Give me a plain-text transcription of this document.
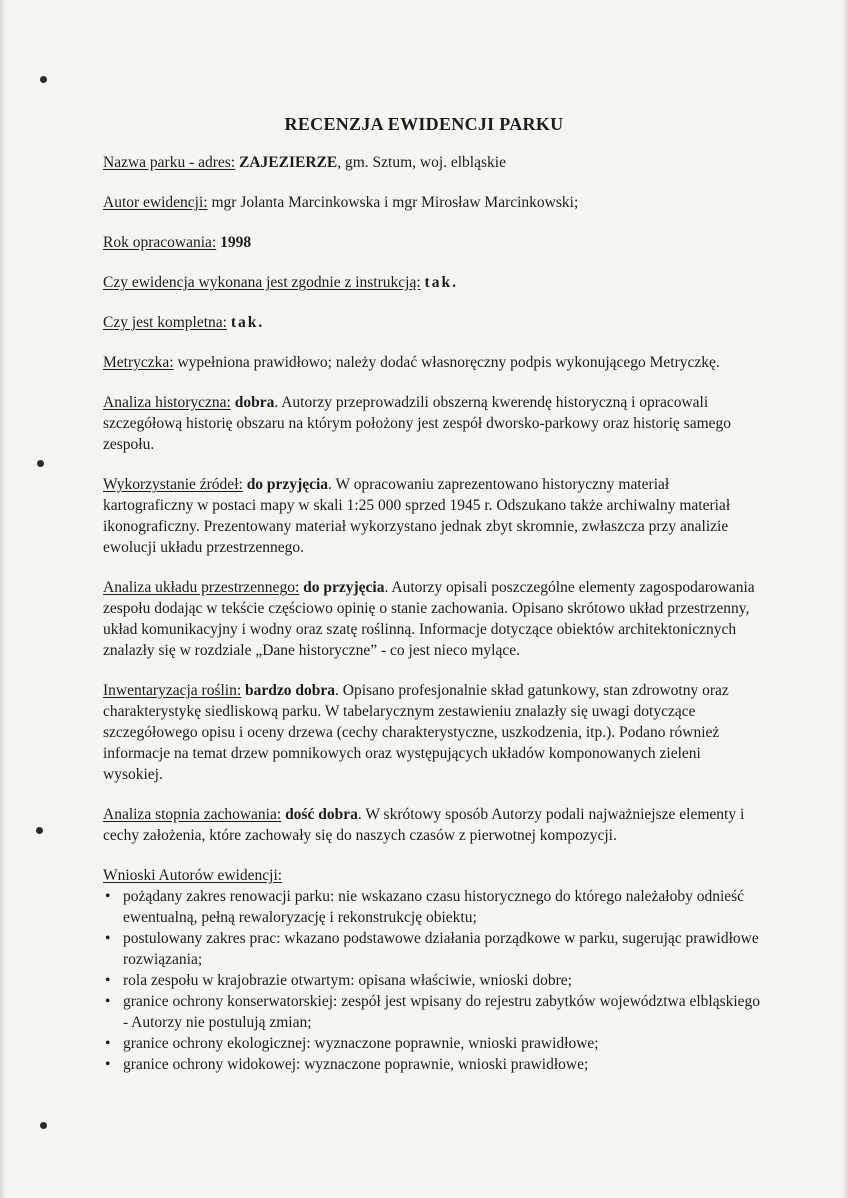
RECENZJA EWIDENCJI PARKU

Nazwa parku - adres: ZAJEZIERZE, gm. Sztum, woj. elbląskie

Autor ewidencji: mgr Jolanta Marcinkowska i mgr Mirosław Marcinkowski;

Rok opracowania: 1998

Czy ewidencja wykonana jest zgodnie z instrukcją: tak.

Czy jest kompletna: tak.

Metryczka: wypełniona prawidłowo; należy dodać własnoręczny podpis wykonującego Metryczkę.

Analiza historyczna: dobra. Autorzy przeprowadzili obszerną kwerendę historyczną i opracowali szczegółową historię obszaru na którym położony jest zespół dworsko-parkowy oraz historię samego zespołu.

Wykorzystanie źródeł: do przyjęcia. W opracowaniu zaprezentowano historyczny materiał kartograficzny w postaci mapy w skali 1:25 000 sprzed 1945 r. Odszukano także archiwalny materiał ikonograficzny. Prezentowany materiał wykorzystano jednak zbyt skromnie, zwłaszcza przy analizie ewolucji układu przestrzennego.

Analiza układu przestrzennego: do przyjęcia. Autorzy opisali poszczególne elementy zagospodarowania zespołu dodając w tekście częściowo opinię o stanie zachowania. Opisano skrótowo układ przestrzenny, układ komunikacyjny i wodny oraz szatę roślinną. Informacje dotyczące obiektów architektonicznych znalazły się w rozdziale „Dane historyczne” - co jest nieco mylące.

Inwentaryzacja roślin: bardzo dobra. Opisano profesjonalnie skład gatunkowy, stan zdrowotny oraz charakterystykę siedliskową parku. W tabelarycznym zestawieniu znalazły się uwagi dotyczące szczegółowego opisu i oceny drzewa (cechy charakterystyczne, uszkodzenia, itp.). Podano również informacje na temat drzew pomnikowych oraz występujących układów komponowanych zieleni wysokiej.

Analiza stopnia zachowania: dość dobra. W skrótowy sposób Autorzy podali najważniejsze elementy i cechy założenia, które zachowały się do naszych czasów z pierwotnej kompozycji.

Wnioski Autorów ewidencji:
• pożądany zakres renowacji parku: nie wskazano czasu historycznego do którego należałoby odnieść ewentualną, pełną rewaloryzację i rekonstrukcję obiektu;
• postulowany zakres prac: wkazano podstawowe działania porządkowe w parku, sugerując prawidłowe rozwiązania;
• rola zespołu w krajobrazie otwartym: opisana właściwie, wnioski dobre;
• granice ochrony konserwatorskiej: zespół jest wpisany do rejestru zabytków województwa elbląskiego - Autorzy nie postulują zmian;
• granice ochrony ekologicznej: wyznaczone poprawnie, wnioski prawidłowe;
• granice ochrony widokowej: wyznaczone poprawnie, wnioski prawidłowe;
